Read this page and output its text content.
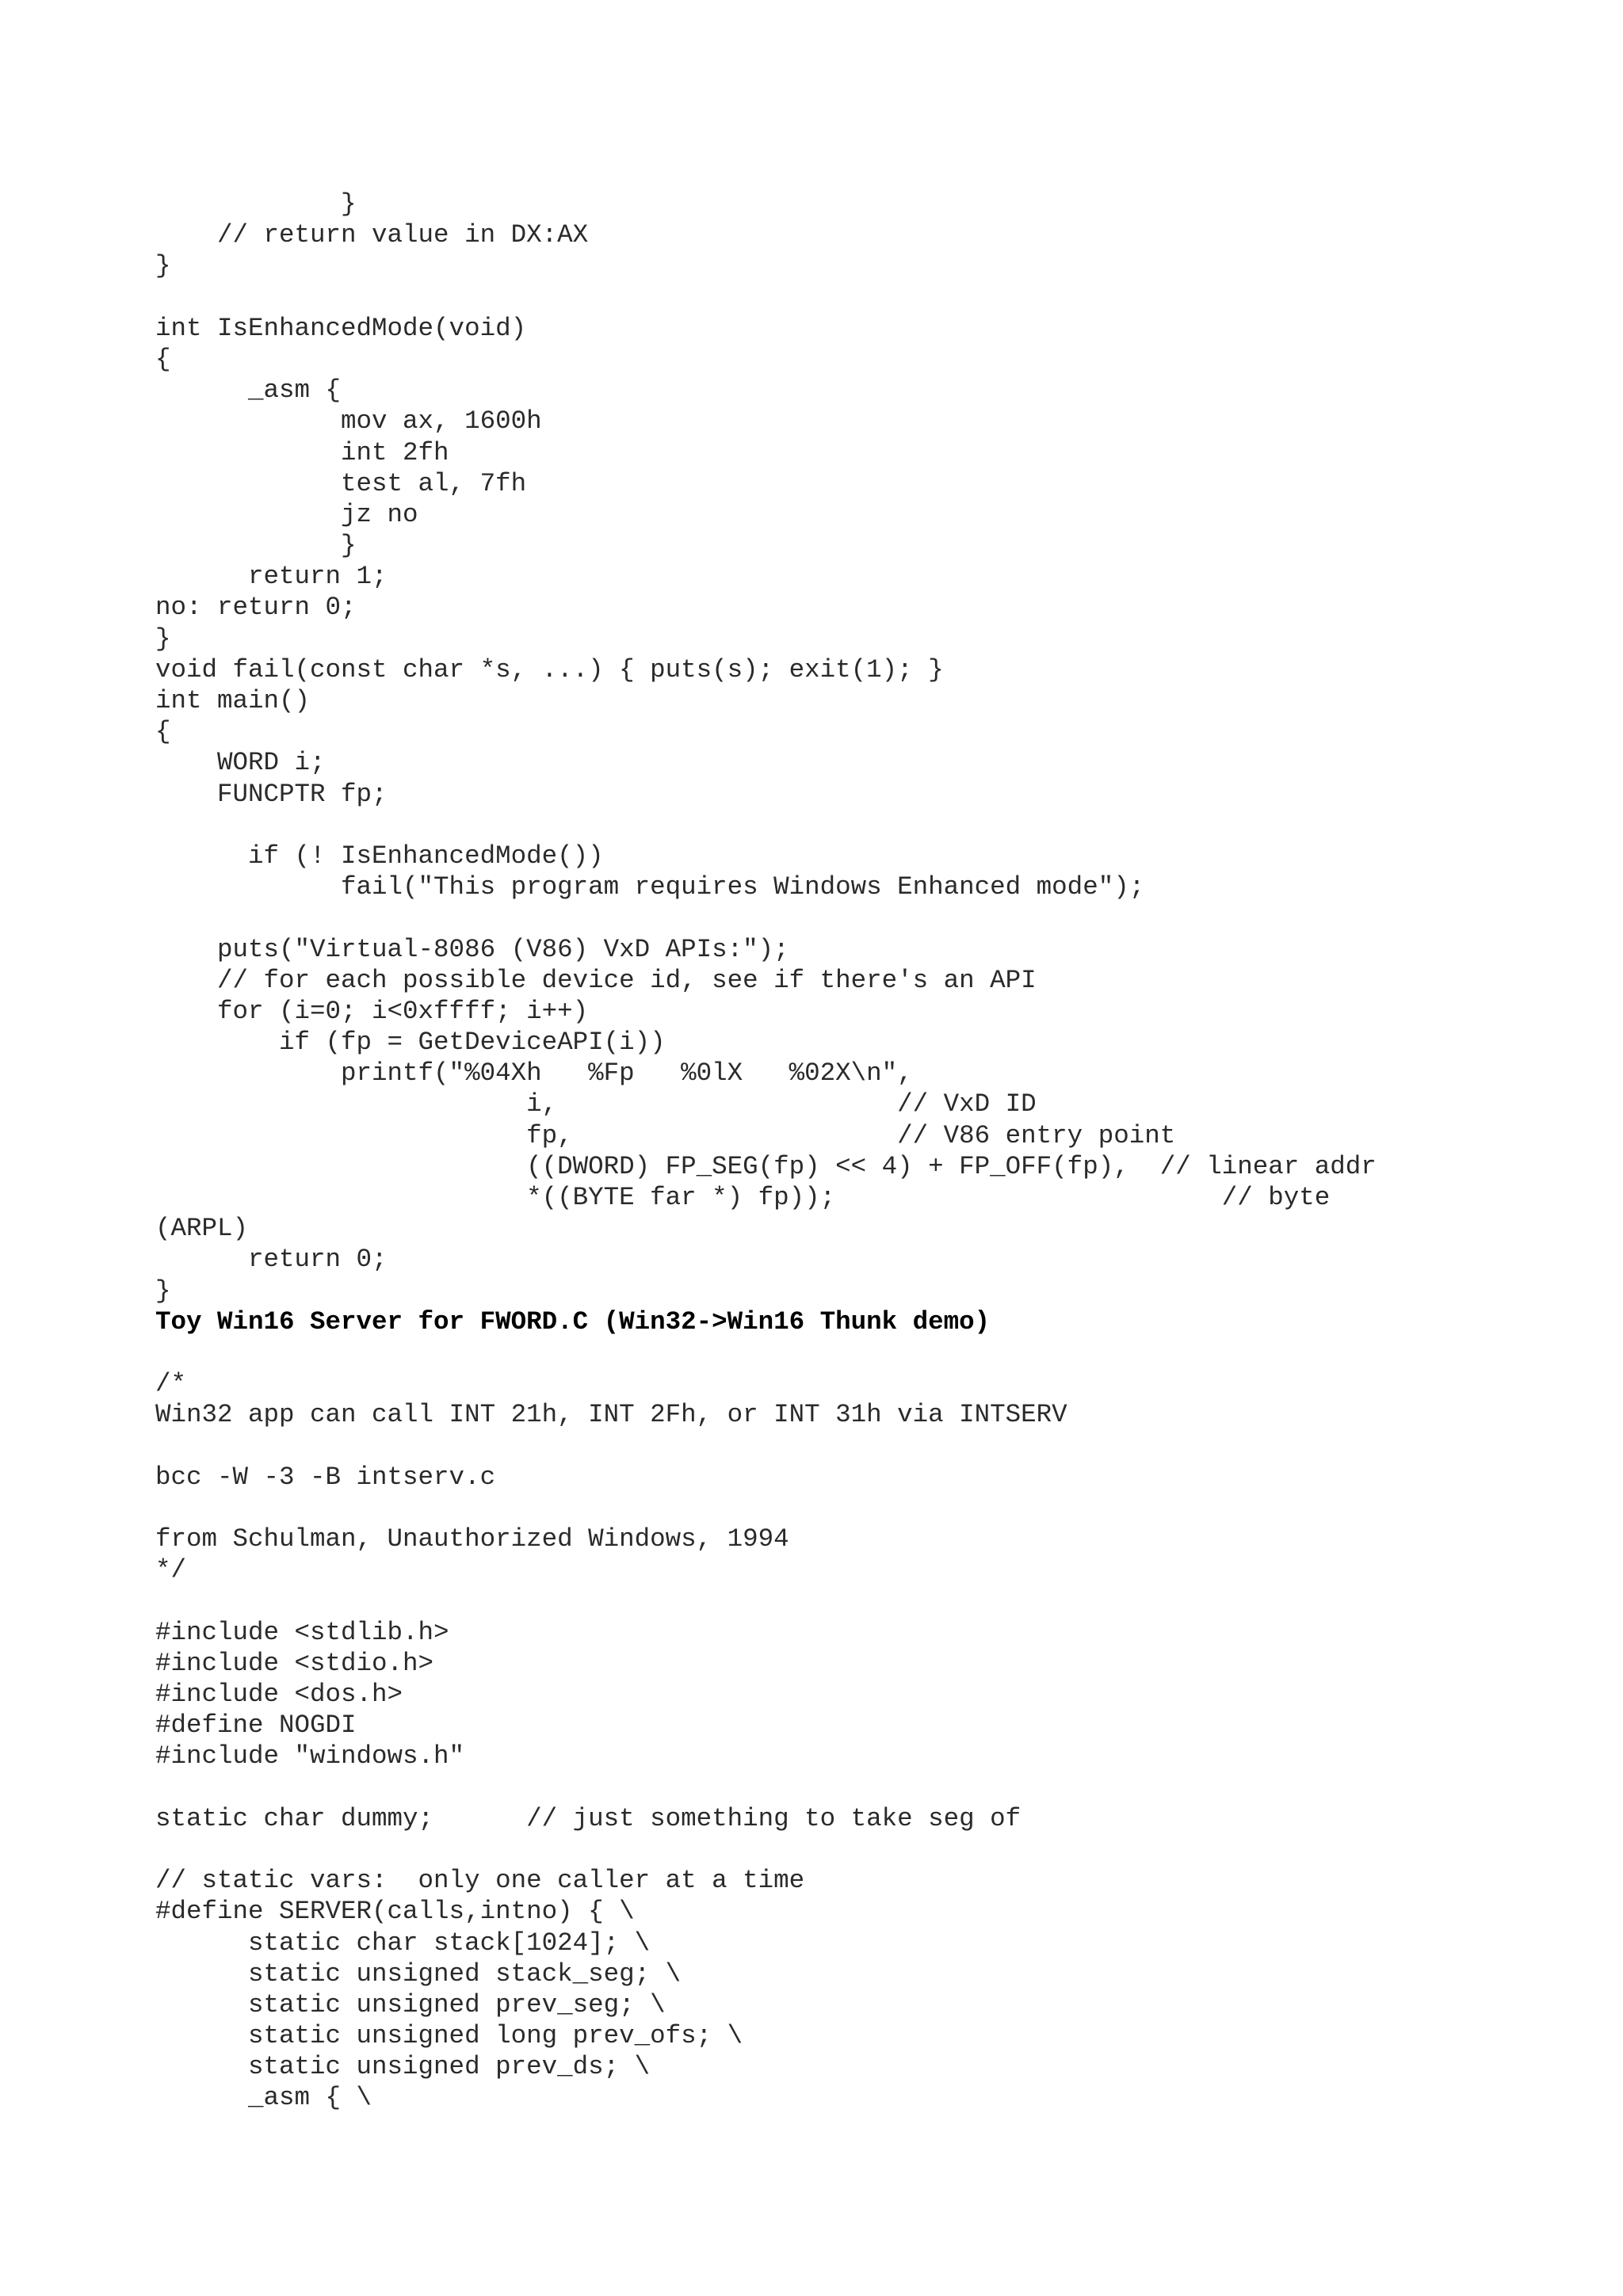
}
// return value in DX:AX
}
int IsEnhancedMode(void)
{
_asm {
mov ax, 1600h
int 2fh
test al, 7fh
jz no
}
return 1;
no: return 0;
}
void fail(const char *s, ...) { puts(s); exit(1); }
int main()
{
WORD i;
FUNCPTR fp;
if (! IsEnhancedMode())
fail("This program requires Windows Enhanced mode");
puts("Virtual-8086 (V86) VxD APIs:");
// for each possible device id, see if there's an API
for (i=0; i<0xffff; i++)
if (fp = GetDeviceAPI(i))
printf("%04Xh   %Fp   %0lX   %02X\n",
i,                      // VxD ID
fp,                     // V86 entry point
((DWORD) FP_SEG(fp) << 4) + FP_OFF(fp),  // linear addr
*((BYTE far *) fp));                         // byte
(ARPL)
return 0;
}
Toy Win16 Server for FWORD.C (Win32->Win16 Thunk demo)
/*
Win32 app can call INT 21h, INT 2Fh, or INT 31h via INTSERV
bcc -W -3 -B intserv.c
from Schulman, Unauthorized Windows, 1994
*/
#include <stdlib.h>
#include <stdio.h>
#include <dos.h>
#define NOGDI
#include "windows.h"
static char dummy;      // just something to take seg of
// static vars:  only one caller at a time
#define SERVER(calls,intno) { \
static char stack[1024]; \
static unsigned stack_seg; \
static unsigned prev_seg; \
static unsigned long prev_ofs; \
static unsigned prev_ds; \
_asm { \
